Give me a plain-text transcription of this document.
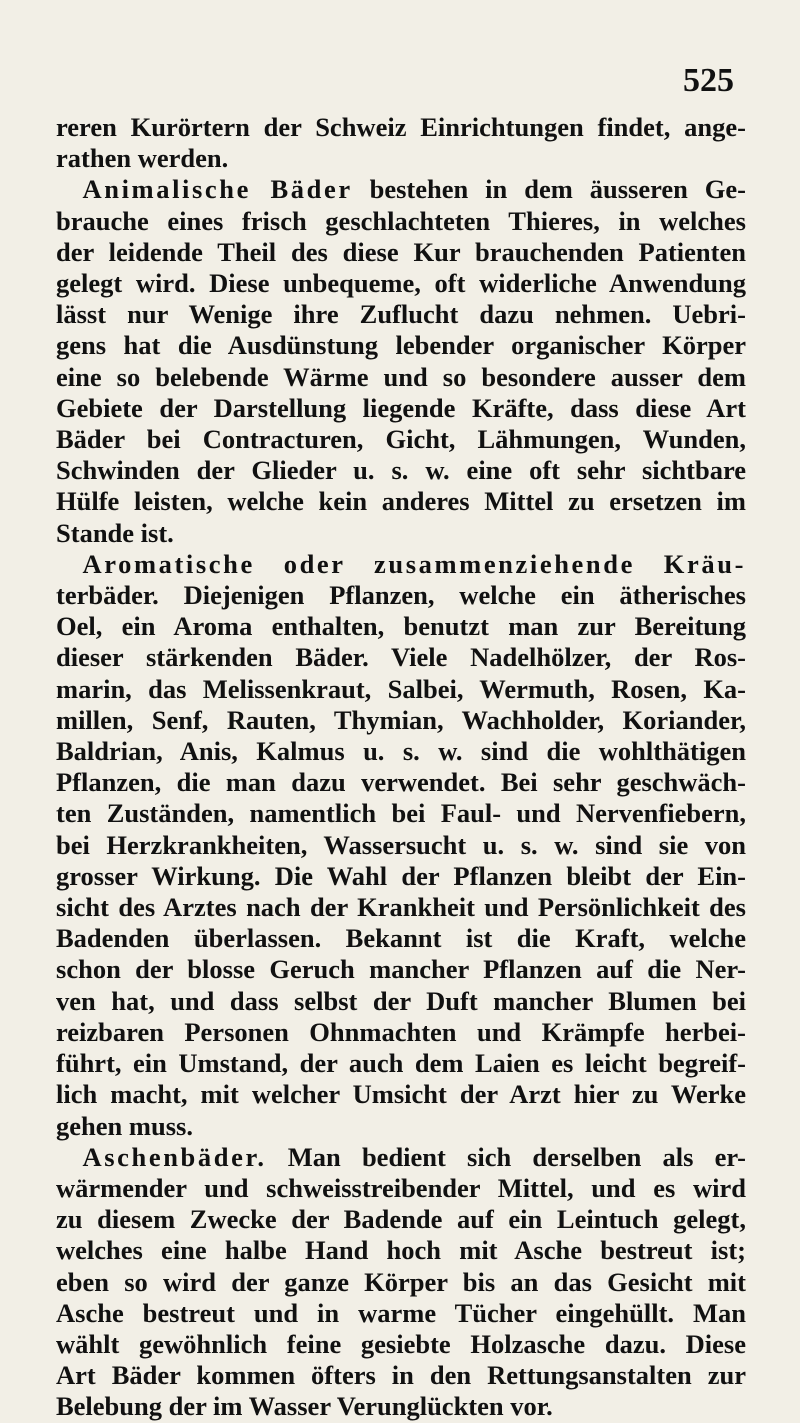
525
reren Kurörtern der Schweiz Einrichtungen findet, ange-
rathen werden.
 Animalische Bäder bestehen in dem äusseren Ge-
brauche eines frisch geschlachteten Thieres, in welches
der leidende Theil des diese Kur brauchenden Patienten
gelegt wird. Diese unbequeme, oft widerliche Anwendung
lässt nur Wenige ihre Zuflucht dazu nehmen. Uebri-
gens hat die Ausdünstung lebender organischer Körper
eine so belebende Wärme und so besondere ausser dem
Gebiete der Darstellung liegende Kräfte, dass diese Art
Bäder bei Contracturen, Gicht, Lähmungen, Wunden,
Schwinden der Glieder u. s. w. eine oft sehr sichtbare
Hülfe leisten, welche kein anderes Mittel zu ersetzen im
Stande ist.
 Aromatische oder zusammenziehende Kräu-
terbäder. Diejenigen Pflanzen, welche ein ätherisches
Oel, ein Aroma enthalten, benutzt man zur Bereitung
dieser stärkenden Bäder. Viele Nadelhölzer, der Ros-
marin, das Melissenkraut, Salbei, Wermuth, Rosen, Ka-
millen, Senf, Rauten, Thymian, Wachholder, Koriander,
Baldrian, Anis, Kalmus u. s. w. sind die wohlthätigen
Pflanzen, die man dazu verwendet. Bei sehr geschwäch-
ten Zuständen, namentlich bei Faul- und Nervenfiebern,
bei Herzkrankheiten, Wassersucht u. s. w. sind sie von
grosser Wirkung. Die Wahl der Pflanzen bleibt der Ein-
sicht des Arztes nach der Krankheit und Persönlichkeit des
Badenden überlassen. Bekannt ist die Kraft, welche
schon der blosse Geruch mancher Pflanzen auf die Ner-
ven hat, und dass selbst der Duft mancher Blumen bei
reizbaren Personen Ohnmachten und Krämpfe herbei-
führt, ein Umstand, der auch dem Laien es leicht begreif-
lich macht, mit welcher Umsicht der Arzt hier zu Werke
gehen muss.
 Aschenbäder. Man bedient sich derselben als er-
wärmender und schweisstreibender Mittel, und es wird
zu diesem Zwecke der Badende auf ein Leintuch gelegt,
welches eine halbe Hand hoch mit Asche bestreut ist;
eben so wird der ganze Körper bis an das Gesicht mit
Asche bestreut und in warme Tücher eingehüllt. Man
wählt gewöhnlich feine gesiebte Holzasche dazu. Diese
Art Bäder kommen öfters in den Rettungsanstalten zur
Belebung der im Wasser Verunglückten vor.
